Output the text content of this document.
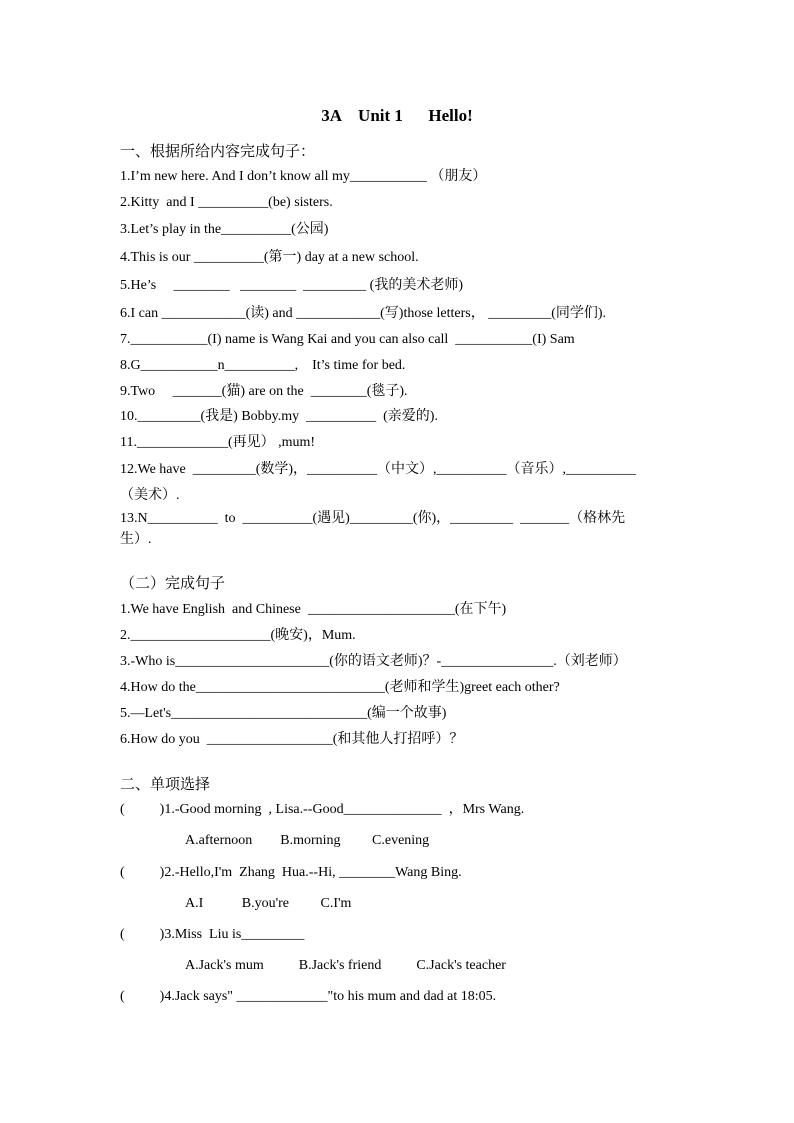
3A    Unit 1      Hello!
一、根据所给内容完成句子：
1.I’m new here. And I don’t know all my___________ （朋友）
2.Kitty  and I __________(be) sisters.
3.Let’s play in the__________(公园)
4.This is our __________(第一) day at a new school.
5.He’s     ________   ________  _________ (我的美术老师)
6.I can ____________(读) and ____________(写)those letters， _________(同学们).
7.___________(I) name is Wang Kai and you can also call  ___________(I) Sam
8.G___________n__________,    It’s time for bed.
9.Two     _______(猫) are on the  ________(毯子).
10._________(我是) Bobby.my  __________  (亲爱的).
11._____________(再见） ,mum!
12.We have  _________(数学)，__________（中文）,__________（音乐）,__________
（美术）.
13.N__________  to  __________(遇见)_________(你)，_________  _______（格林先
生）.
（二）完成句子
1.We have English  and Chinese  _____________________(在下午)
2.____________________(晚安)，Mum.
3.-Who is______________________(你的语文老师)？-________________.（刘老师）
4.How do the___________________________(老师和学生)greet each other?
5.—Let's____________________________(编一个故事)
6.How do you  __________________(和其他人打招呼）？
二、单项选择
(          )1.-Good morning  , Lisa.--Good______________  ，Mrs Wang.
A.afternoon        B.morning         C.evening
(          )2.-Hello,I'm  Zhang  Hua.--Hi, ________Wang Bing.
A.I           B.you're         C.I'm
(          )3.Miss  Liu is_________
A.Jack's mum          B.Jack's friend          C.Jack's teacher
(          )4.Jack says" _____________"to his mum and dad at 18:05.
